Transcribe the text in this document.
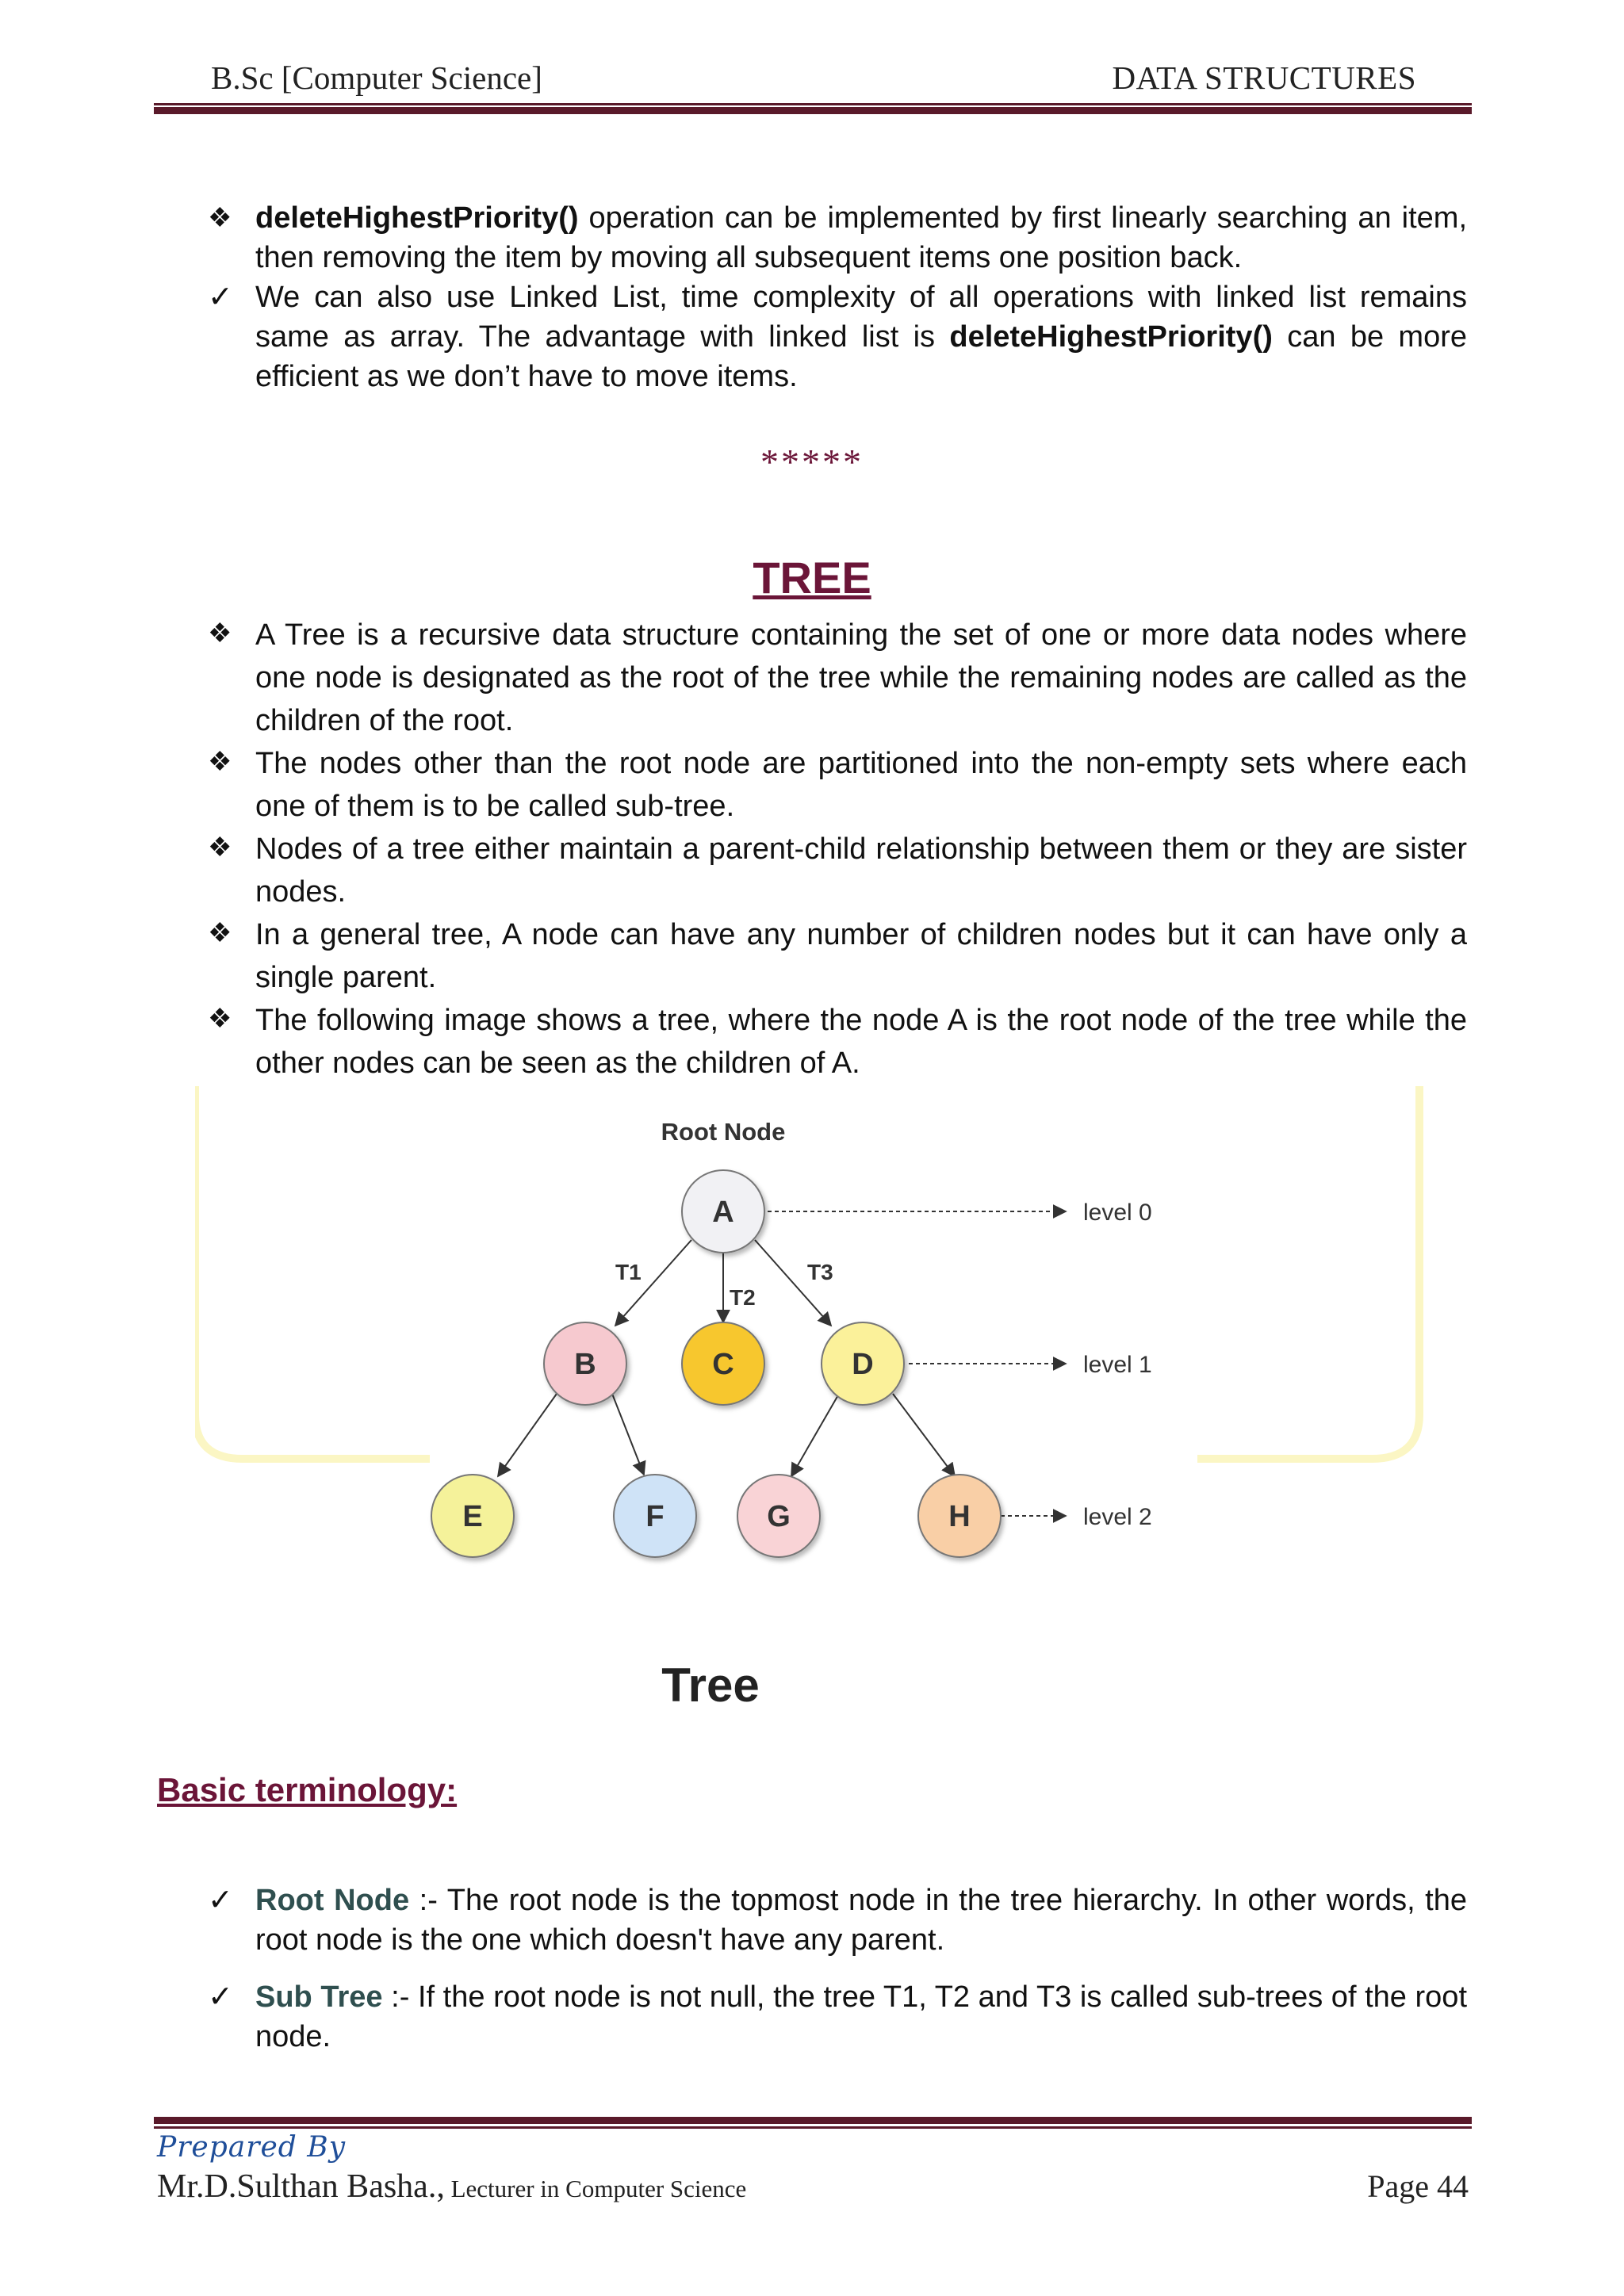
B.Sc [Computer Science]	DATA STRUCTURES
❖ deleteHighestPriority() operation can be implemented by first linearly searching an item, then removing the item by moving all subsequent items one position back.
✓ We can also use Linked List, time complexity of all operations with linked list remains same as array. The advantage with linked list is deleteHighestPriority() can be more efficient as we don’t have to move items.
*****
TREE
❖ A Tree is a recursive data structure containing the set of one or more data nodes where one node is designated as the root of the tree while the remaining nodes are called as the children of the root.
❖ The nodes other than the root node are partitioned into the non-empty sets where each one of them is to be called sub-tree.
❖ Nodes of a tree either maintain a parent-child relationship between them or they are sister nodes.
❖ In a general tree, A node can have any number of children nodes but it can have only a single parent.
❖ The following image shows a tree, where the node A is the root node of the tree while the other nodes can be seen as the children of A.
Root Node
T1
T2
T3
level 0
level 1
level 2
A
B	C	D
E	F	G	H
Tree
Basic terminology:
✓ Root Node :- The root node is the topmost node in the tree hierarchy. In other words, the root node is the one which doesn't have any parent.
✓ Sub Tree :- If the root node is not null, the tree T1, T2 and T3 is called sub-trees of the root node.
Prepared By
Mr.D.Sulthan Basha., Lecturer in Computer Science	Page 44
